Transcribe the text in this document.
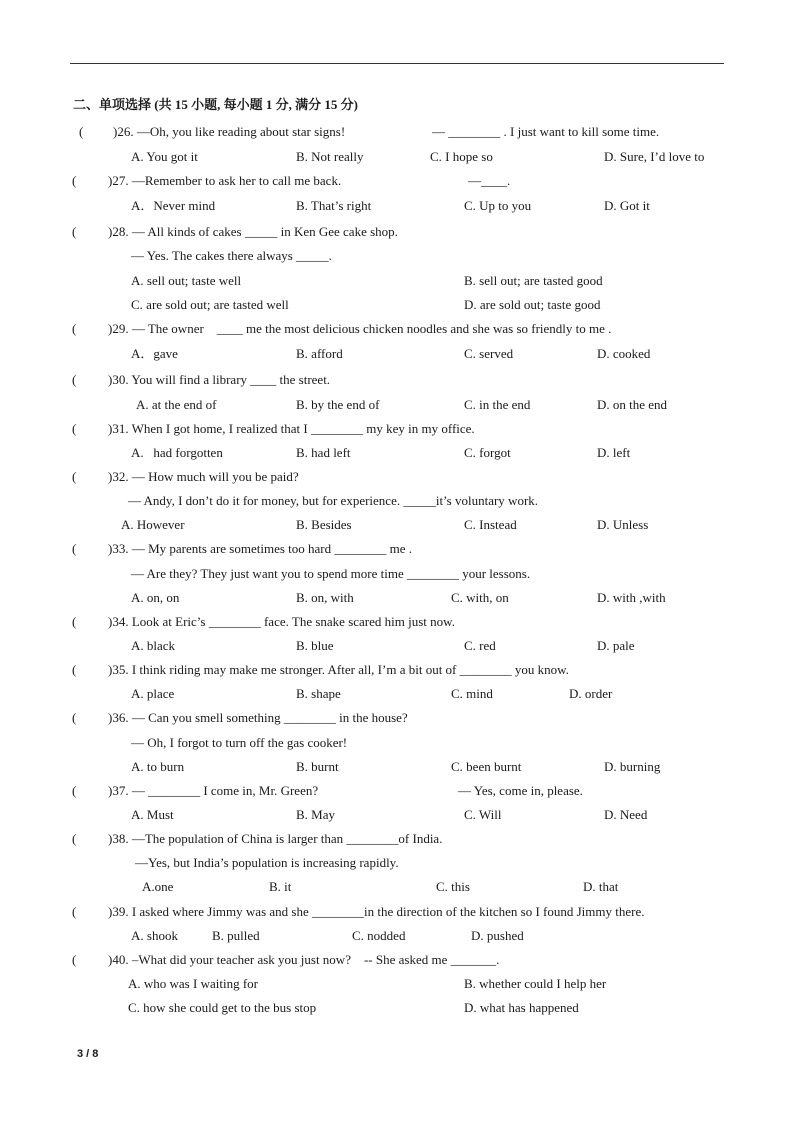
二、单项选择 (共 15 小题, 每小题 1 分, 满分 15 分)
( )26. —Oh, you like reading about star signs!	— ________ . I just want to kill some time.
A. You got it	B. Not really	C. I hope so	D. Sure, I’d love to
( )27. —Remember to ask her to call me back.	—____.
A．Never mind	B. That’s right	C. Up to you	D. Got it
( )28. — All kinds of cakes _____ in Ken Gee cake shop.
— Yes. The cakes there always _____.
A. sell out; taste well	B. sell out; are tasted good
C. are sold out; are tasted well	D. are sold out; taste good
( )29. — The owner    ____ me the most delicious chicken noodles and she was so friendly to me .
A．gave	B. afford	C. served	D. cooked
( )30. You will find a library ____ the street.
A. at the end of	B. by the end of	C. in the end	D. on the end
( )31. When I got home, I realized that I ________ my key in my office.
A.   had forgotten	B. had left	C. forgot	D. left
( )32. — How much will you be paid?
— Andy, I don’t do it for money, but for experience. _____it’s voluntary work.
A. However	B. Besides	C. Instead	D. Unless
( )33. — My parents are sometimes too hard ________ me .
— Are they? They just want you to spend more time ________ your lessons.
A. on, on	B. on, with	C. with, on	D. with ,with
( )34. Look at Eric’s ________ face. The snake scared him just now.
A. black	B. blue	C. red	D. pale
( )35. I think riding may make me stronger. After all, I’m a bit out of ________ you know.
A. place	B. shape	C. mind	D. order
( )36. — Can you smell something ________ in the house?
— Oh, I forgot to turn off the gas cooker!
A. to burn	B. burnt	C. been burnt	D. burning
( )37. — ________ I come in, Mr. Green?	— Yes, come in, please.
A. Must	B. May	C. Will	D. Need
( )38. —The population of China is larger than ________of India.
—Yes, but India’s population is increasing rapidly.
A.one	B. it	C. this	D. that
( )39. I asked where Jimmy was and she ________in the direction of the kitchen so I found Jimmy there.
A. shook	B. pulled	C. nodded	D. pushed
( )40. –What did your teacher ask you just now?    -- She asked me _______.
A. who was I waiting for	B. whether could I help her
C. how she could get to the bus stop	D. what has happened
3 / 8
